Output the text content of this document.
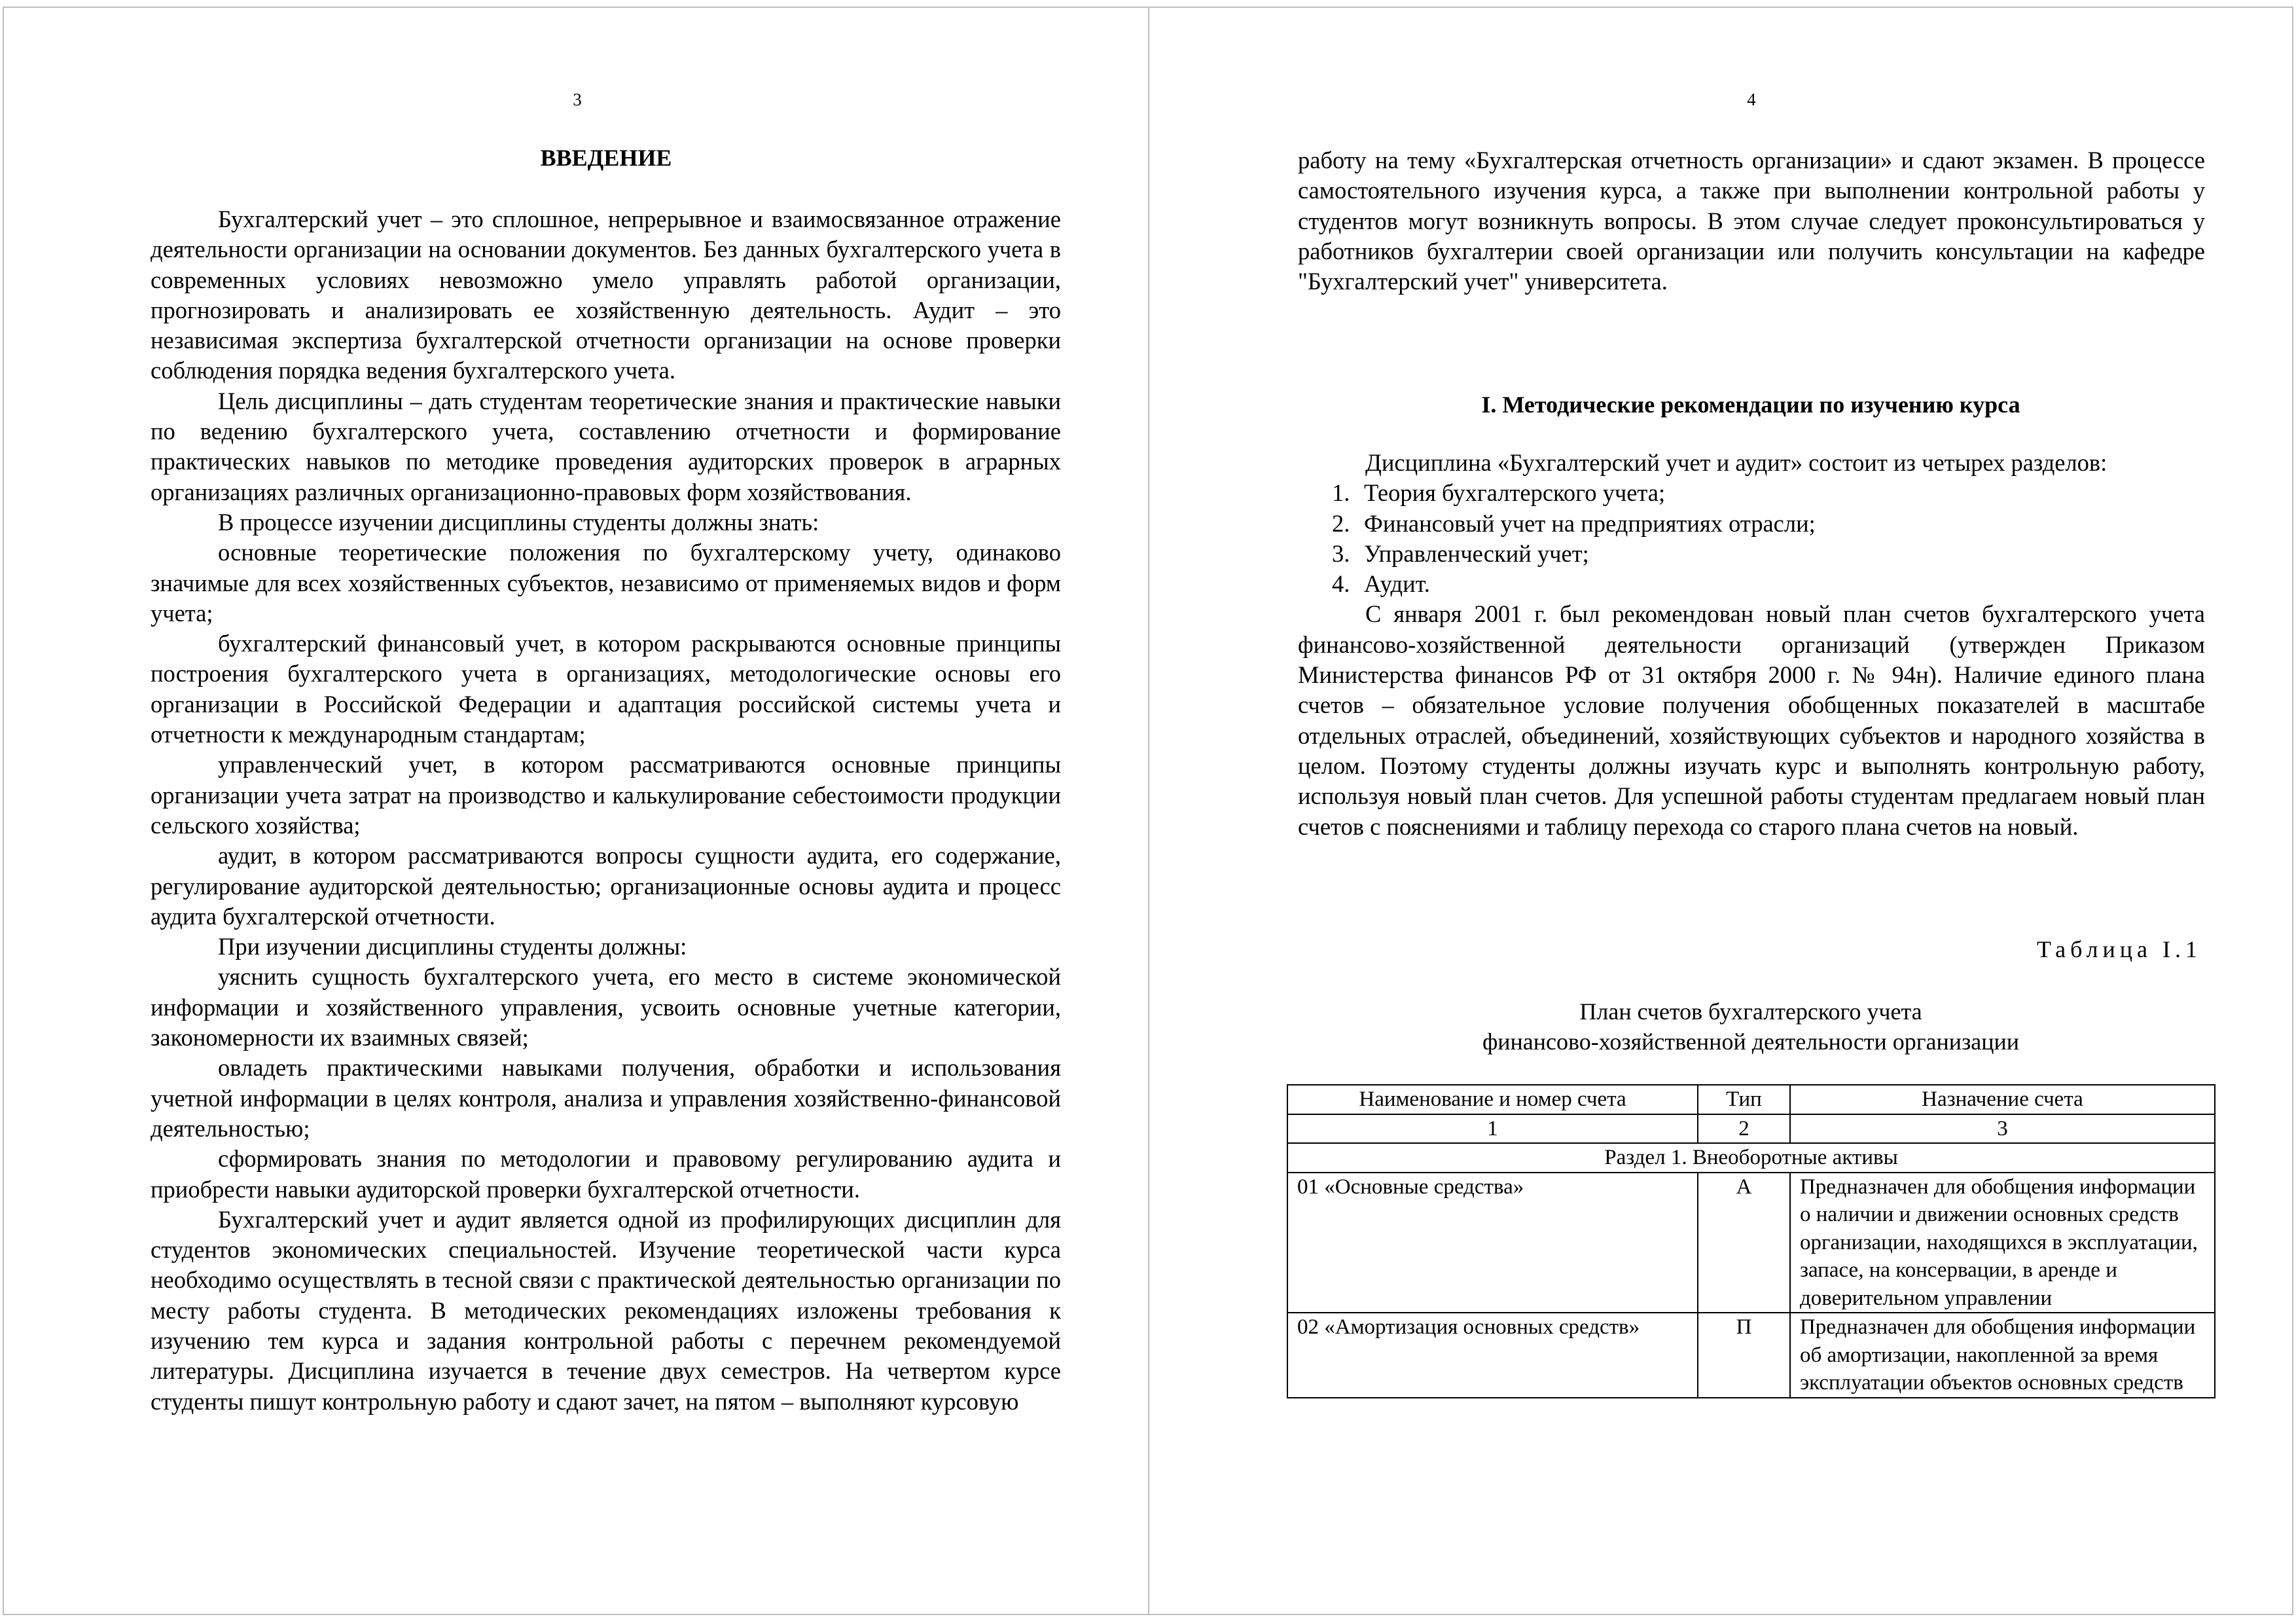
3
ВВЕДЕНИЕ

Бухгалтерский учет – это сплошное, непрерывное и взаимосвязанное отражение деятельности организации на основании документов. Без данных бухгалтерского учета в современных условиях невозможно умело управлять работой организации, прогнозировать и анализировать ее хозяйственную деятельность. Аудит – это независимая экспертиза бухгалтерской отчетности организации на основе проверки соблюдения порядка ведения бухгалтерского учета.

Цель дисциплины – дать студентам теоретические знания и практические навыки по ведению бухгалтерского учета, составлению отчетности и формирование практических навыков по методике проведения аудиторских проверок в аграрных организациях различных организационно-правовых форм хозяйствования.

В процессе изучении дисциплины студенты должны знать:

основные теоретические положения по бухгалтерскому учету, одинаково значимые для всех хозяйственных субъектов, независимо от применяемых видов и форм учета;

бухгалтерский финансовый учет, в котором раскрываются основные принципы построения бухгалтерского учета в организациях, методологические основы его организации в Российской Федерации и адаптация российской системы учета и отчетности к международным стандартам;

управленческий учет, в котором рассматриваются основные принципы организации учета затрат на производство и калькулирование себестоимости продукции сельского хозяйства;

аудит, в котором рассматриваются вопросы сущности аудита, его содержание, регулирование аудиторской деятельностью; организационные основы аудита и процесс аудита бухгалтерской отчетности.

При изучении дисциплины студенты должны:

уяснить сущность бухгалтерского учета, его место в системе экономической информации и хозяйственного управления, усвоить основные учетные категории, закономерности их взаимных связей;

овладеть практическими навыками получения, обработки и использования учетной информации в целях контроля, анализа и управления хозяйственно-финансовой деятельностью;

сформировать знания по методологии и правовому регулированию аудита и приобрести навыки аудиторской проверки бухгалтерской отчетности.

Бухгалтерский учет и аудит является одной из профилирующих дисциплин для студентов экономических специальностей. Изучение теоретической части курса необходимо осуществлять в тесной связи с практической деятельностью организации по месту работы студента. В методических рекомендациях изложены требования к изучению тем курса и задания контрольной работы с перечнем рекомендуемой литературы. Дисциплина изучается в течение двух семестров. На четвертом курсе студенты пишут контрольную работу и сдают зачет, на пятом – выполняют курсовую

4

работу на тему «Бухгалтерская отчетность организации» и сдают экзамен. В процессе самостоятельного изучения курса, а также при выполнении контрольной работы у студентов могут возникнуть вопросы. В этом случае следует проконсультироваться у работников бухгалтерии своей организации или получить консультации на кафедре "Бухгалтерский учет" университета.

I. Методические рекомендации по изучению курса

Дисциплина «Бухгалтерский учет и аудит» состоит из четырех разделов:

1. Теория бухгалтерского учета;
2. Финансовый учет на предприятиях отрасли;
3. Управленческий учет;
4. Аудит.

С января 2001 г. был рекомендован новый план счетов бухгалтерского учета финансово-хозяйственной деятельности организаций (утвержден Приказом Министерства финансов РФ от 31 октября 2000 г. № 94н). Наличие единого плана счетов – обязательное условие получения обобщенных показателей в масштабе отдельных отраслей, объединений, хозяйствующих субъектов и народного хозяйства в целом. Поэтому студенты должны изучать курс и выполнять контрольную работу, используя новый план счетов. Для успешной работы студентам предлагаем новый план счетов с пояснениями и таблицу перехода со старого плана счетов на новый.

Таблица I.1
План счетов бухгалтерского учета
финансово-хозяйственной деятельности организации
Наименование и номер счета	Тип	Назначение счета
1	2	3
Раздел 1. Внеоборотные активы		
01 «Основные средства»	А	Предназначен для обобщения информации о наличии и движении основных средств организации, находящихся в эксплуатации, запасе, на консервации, в аренде и доверительном управлении
02 «Амортизация основных средств»	П	Предназначен для обобщения информации об амортизации, накопленной за время эксплуатации объектов основных средств
